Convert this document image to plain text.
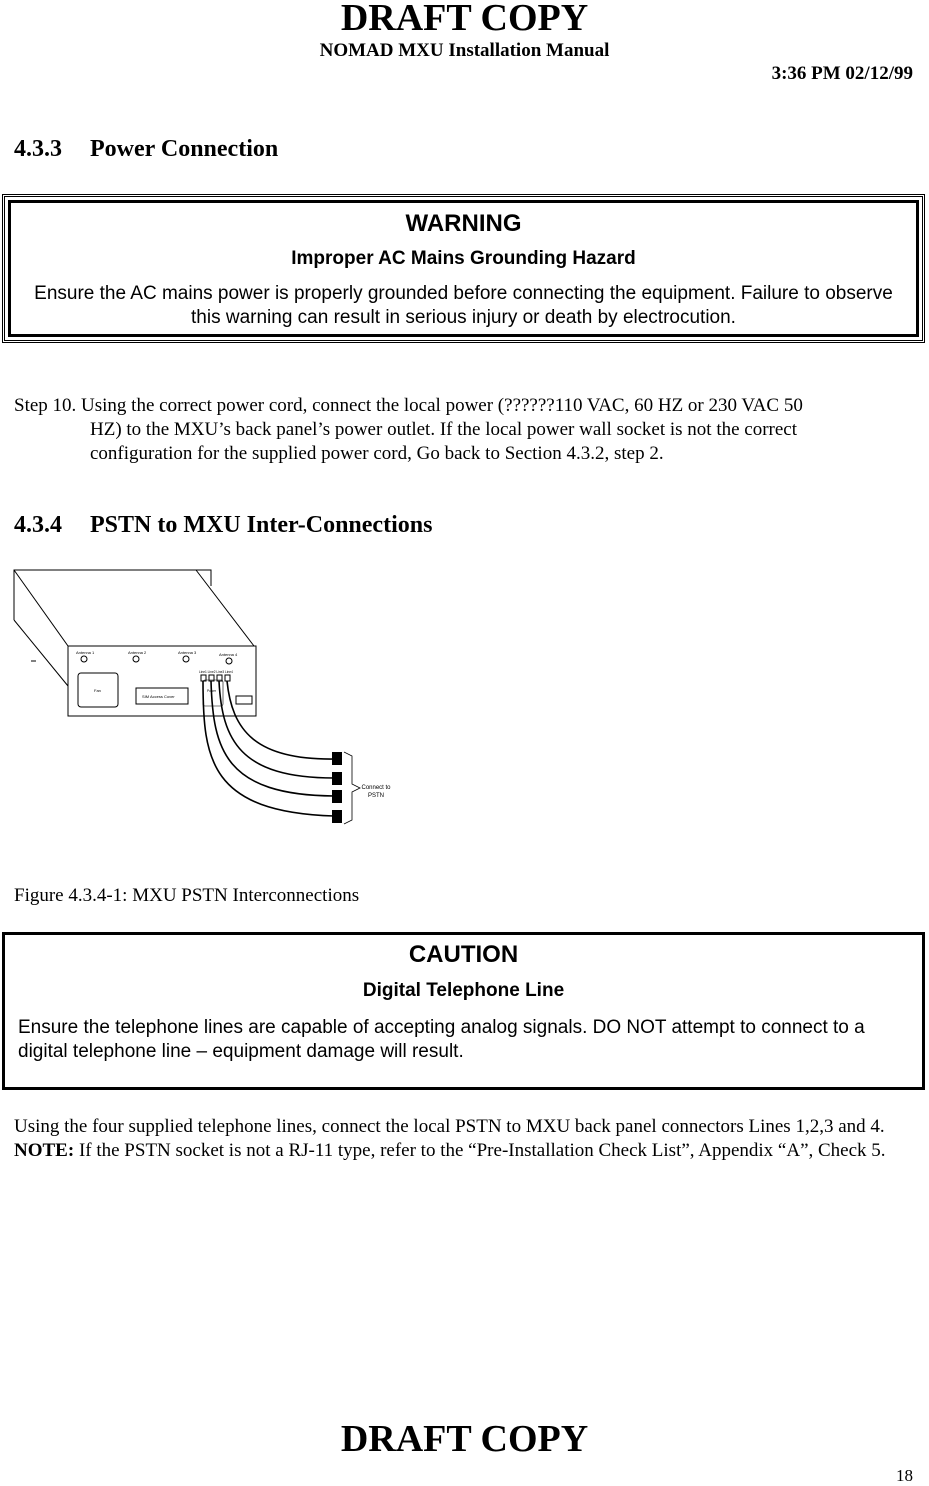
DRAFT COPY
NOMAD MXU Installation Manual
3:36 PM 02/12/99
4.3.3 Power Connection
WARNING
Improper AC Mains Grounding Hazard

Ensure the AC mains power is properly grounded before connecting the equipment. Failure to observe this warning can result in serious injury or death by electrocution.

Step 10. Using the correct power cord, connect the local power (??????110 VAC, 60 HZ or 230 VAC 50
HZ) to the MXU’s back panel’s power outlet. If the local power wall socket is not the correct
configuration for the supplied power cord, Go back to Section 4.3.2, step 2.
4.3.4 PSTN to MXU Inter-Connections
Antenna 1	Antenna 2	Antenna 3	Antenna 4
Fan
SIM Access Cover
Line1 Line2 Line3 Line4
Power
Connect to
PSTN
Figure 4.3.4-1: MXU PSTN Interconnections
CAUTION
Digital Telephone Line

Ensure the telephone lines are capable of accepting analog signals. DO NOT attempt to connect to a digital telephone line – equipment damage will result.

Using the four supplied telephone lines, connect the local PSTN to MXU back panel connectors Lines 1,2,3 and 4. NOTE: If the PSTN socket is not a RJ-11 type, refer to the “Pre-Installation Check List”, Appendix “A”, Check 5.
DRAFT COPY
18
